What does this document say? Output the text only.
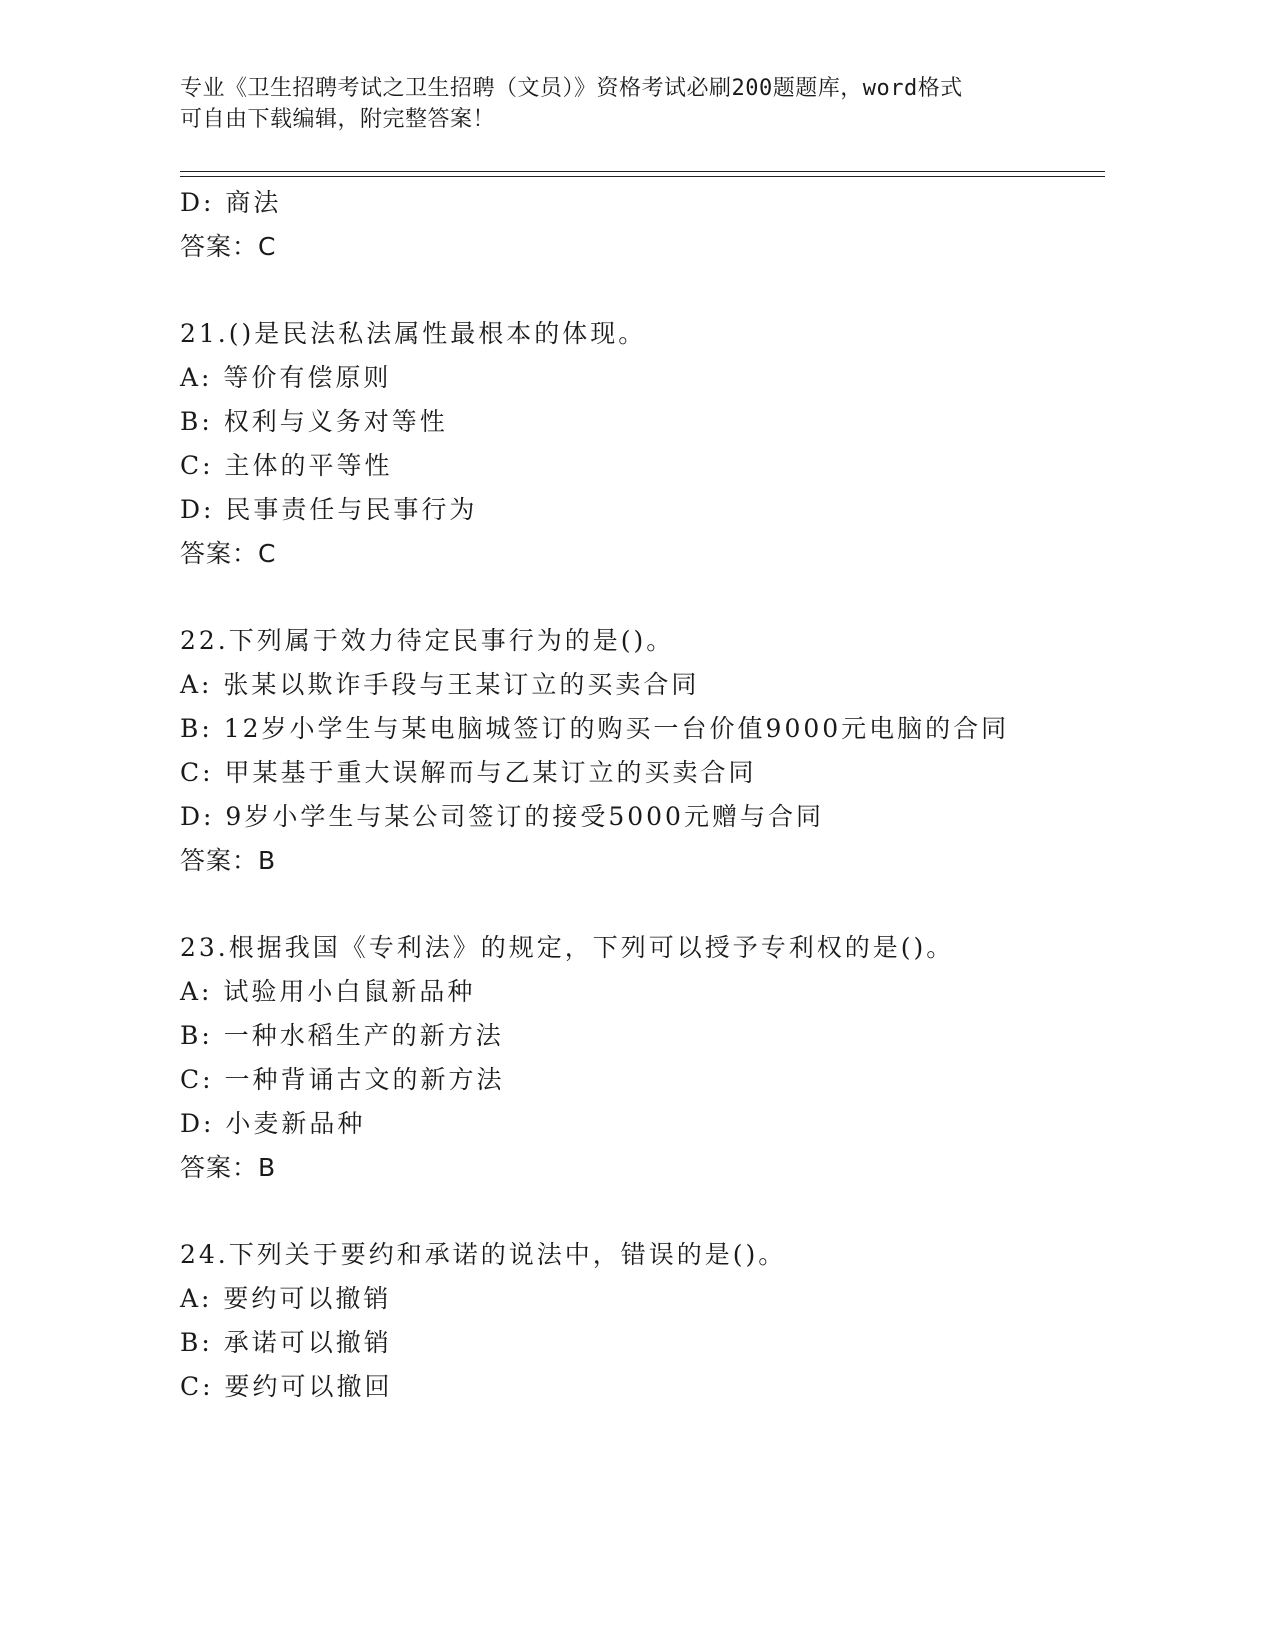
专业《卫生招聘考试之卫生招聘（文员）》资格考试必刷200题题库，word格式
可自由下载编辑，附完整答案！
D: 商法
答案：C
21.()是民法私法属性最根本的体现。
A: 等价有偿原则
B: 权利与义务对等性
C: 主体的平等性
D: 民事责任与民事行为
答案：C
22.下列属于效力待定民事行为的是()。
A: 张某以欺诈手段与王某订立的买卖合同
B: 12岁小学生与某电脑城签订的购买一台价值9000元电脑的合同
C: 甲某基于重大误解而与乙某订立的买卖合同
D: 9岁小学生与某公司签订的接受5000元赠与合同
答案：B
23.根据我国《专利法》的规定，下列可以授予专利权的是()。
A: 试验用小白鼠新品种
B: 一种水稻生产的新方法
C: 一种背诵古文的新方法
D: 小麦新品种
答案：B
24.下列关于要约和承诺的说法中，错误的是()。
A: 要约可以撤销
B: 承诺可以撤销
C: 要约可以撤回
